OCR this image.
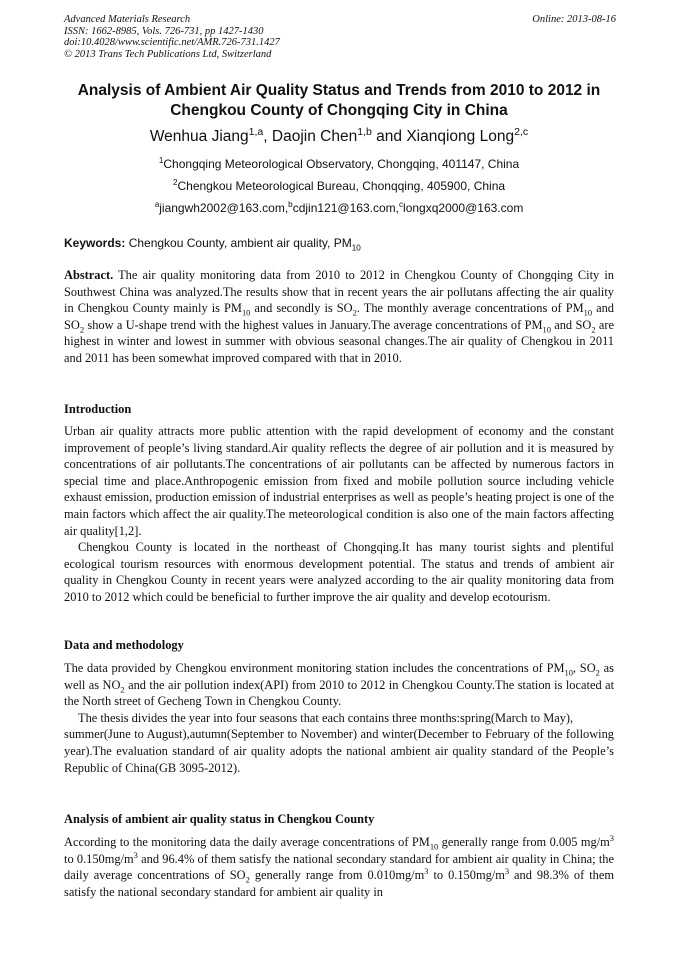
Advanced Materials Research
ISSN: 1662-8985, Vols. 726-731, pp 1427-1430
doi:10.4028/www.scientific.net/AMR.726-731.1427
© 2013 Trans Tech Publications Ltd, Switzerland
Online: 2013-08-16
Analysis of Ambient Air Quality Status and Trends from 2010 to 2012 in Chengkou County of Chongqing City in China
Wenhua Jiang$^{1,a}$, Daojin Chen$^{1,b}$ and Xianqiong Long$^{2,c}$
$^1$Chongqing Meteorological Observatory, Chongqing, 401147, China
$^2$Chengkou Meteorological Bureau, Chonqqing, 405900, China
$^a$jiangwh2002@163.com,$^b$cdjin121@163.com,$^c$longxq2000@163.com
Keywords: Chengkou County, ambient air quality, $PM_{10}$
Abstract. The air quality monitoring data from 2010 to 2012 in Chengkou County of Chongqing City in Southwest China was analyzed.The results show that in recent years the air pollutans affecting the air quality in Chengkou County mainly is $PM_{10}$ and secondly is $SO_2$. The monthly average concentrations of $PM_{10}$ and $SO_2$ show a U-shape trend with the highest values in January.The average concentrations of $PM_{10}$ and $SO_2$ are highest in winter and lowest in summer with obvious seasonal changes.The air quality of Chengkou in 2011 and 2011 has been somewhat improved compared with that in 2010.
Introduction

Urban air quality attracts more public attention with the rapid development of economy and the constant improvement of people’s living standard.Air quality reflects the degree of air pollution and it is measured by concentrations of air pollutants.The concentrations of air pollutants can be affected by numerous factors in special time and place.Anthropogenic emission from fixed and mobile pollution source including vehicle exhaust emission, production emission of industrial enterprises as well as people’s heating project is one of the main factors which affect the air quality.The meteorological condition is also one of the main factors affecting air quality[1,2].

Chengkou County is located in the northeast of Chongqing.It has many tourist sights and plentiful ecological tourism resources with enormous development potential. The status and trends of ambient air quality in Chengkou County in recent years were analyzed according to the air quality monitoring data from 2010 to 2012 which could be beneficial to further improve the air quality and develop ecotourism.

Data and methodology

The data provided by Chengkou environment monitoring station includes the concentrations of $PM_{10}$, $SO_2$ as well as $NO_2$ and the air pollution index(API) from 2010 to 2012 in Chengkou County.The station is located at the North street of Gecheng Town in Chengkou County.

The thesis divides the year into four seasons that each contains three months:spring(March to May),

summer(June to August),autumn(September to November) and winter(December to February of the following year).The evaluation standard of air quality adopts the national ambient air quality standard of the People’s Republic of China(GB 3095-2012).

Analysis of ambient air quality status in Chengkou County
According to the monitoring data the daily average concentrations of $PM_{10}$ generally range from 0.005 $mg/m^3$ to $0.150mg/m^3$ and 96.4% of them satisfy the national secondary standard for ambient air quality in China; the daily average concentrations of $SO_2$ generally range from $0.010mg/m^3$ to $0.150mg/m^3$ and 98.3% of them satisfy the national secondary standard for ambient air quality in
